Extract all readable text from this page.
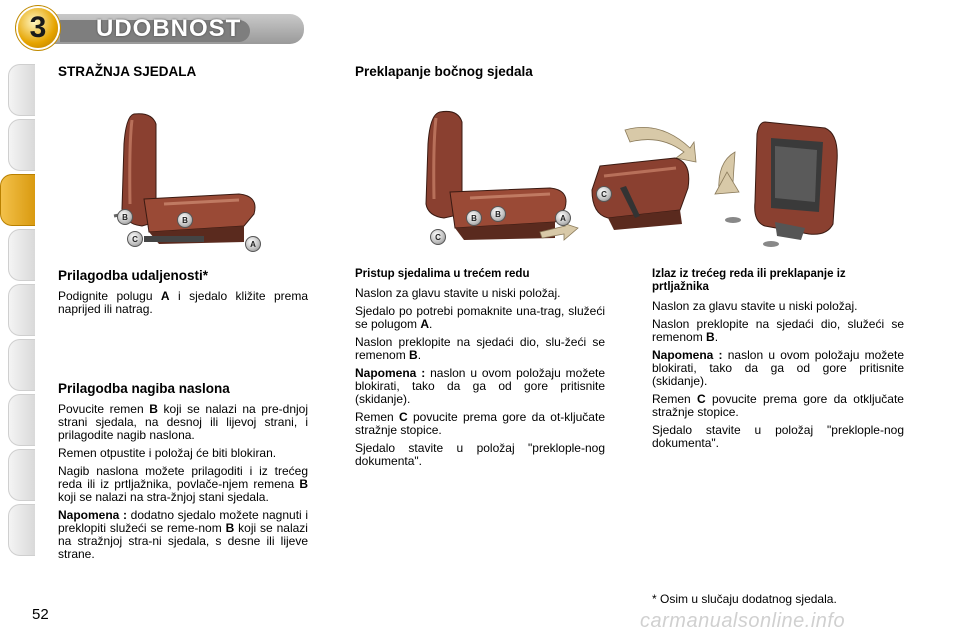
3	UDOBNOST
STRAŽNJA SJEDALA
B	B
C
A
Prilagodba udaljenosti*

Podignite polugu A i sjedalo kližite prema naprijed ili natrag.

Prilagodba nagiba naslona

Povucite remen B koji se nalazi na pre-dnjoj strani sjedala, na desnoj ili lijevoj strani, i prilagodite nagib naslona.

Remen otpustite i položaj će biti blokiran.

Nagib naslona možete prilagoditi i iz trećeg reda ili iz prtljažnika, povlače-njem remena B koji se nalazi na stra-žnjoj stani sjedala.

Napomena : dodatno sjedalo možete nagnuti i preklopiti služeći se reme-nom B koji se nalazi na stražnjoj stra-ni sjedala, s desne ili lijeve strane.

Preklapanje bočnog sjedala
C
B	B	A
C
Pristup sjedalima u trećem redu

Naslon za glavu stavite u niski položaj.

Sjedalo po potrebi pomaknite una-trag, služeći se polugom A.

Naslon preklopite na sjedaći dio, slu-žeći se remenom B.

Napomena : naslon u ovom položaju možete blokirati, tako da ga od gore pritisnite (skidanje).

Remen C povucite prema gore da ot-ključate stražnje stopice.

Sjedalo stavite u položaj "preklople-nog dokumenta".

Izlaz iz trećeg reda ili preklapanje iz prtljažnika

Naslon za glavu stavite u niski položaj.

Naslon preklopite na sjedaći dio, služeći se remenom B.

Napomena : naslon u ovom položaju možete blokirati, tako da ga od gore pritisnite (skidanje).

Remen C povucite prema gore da otključate stražnje stopice.

Sjedalo stavite u položaj "preklople-nog dokumenta".

* Osim u slučaju dodatnog sjedala.
52	carmanualsonline.info
